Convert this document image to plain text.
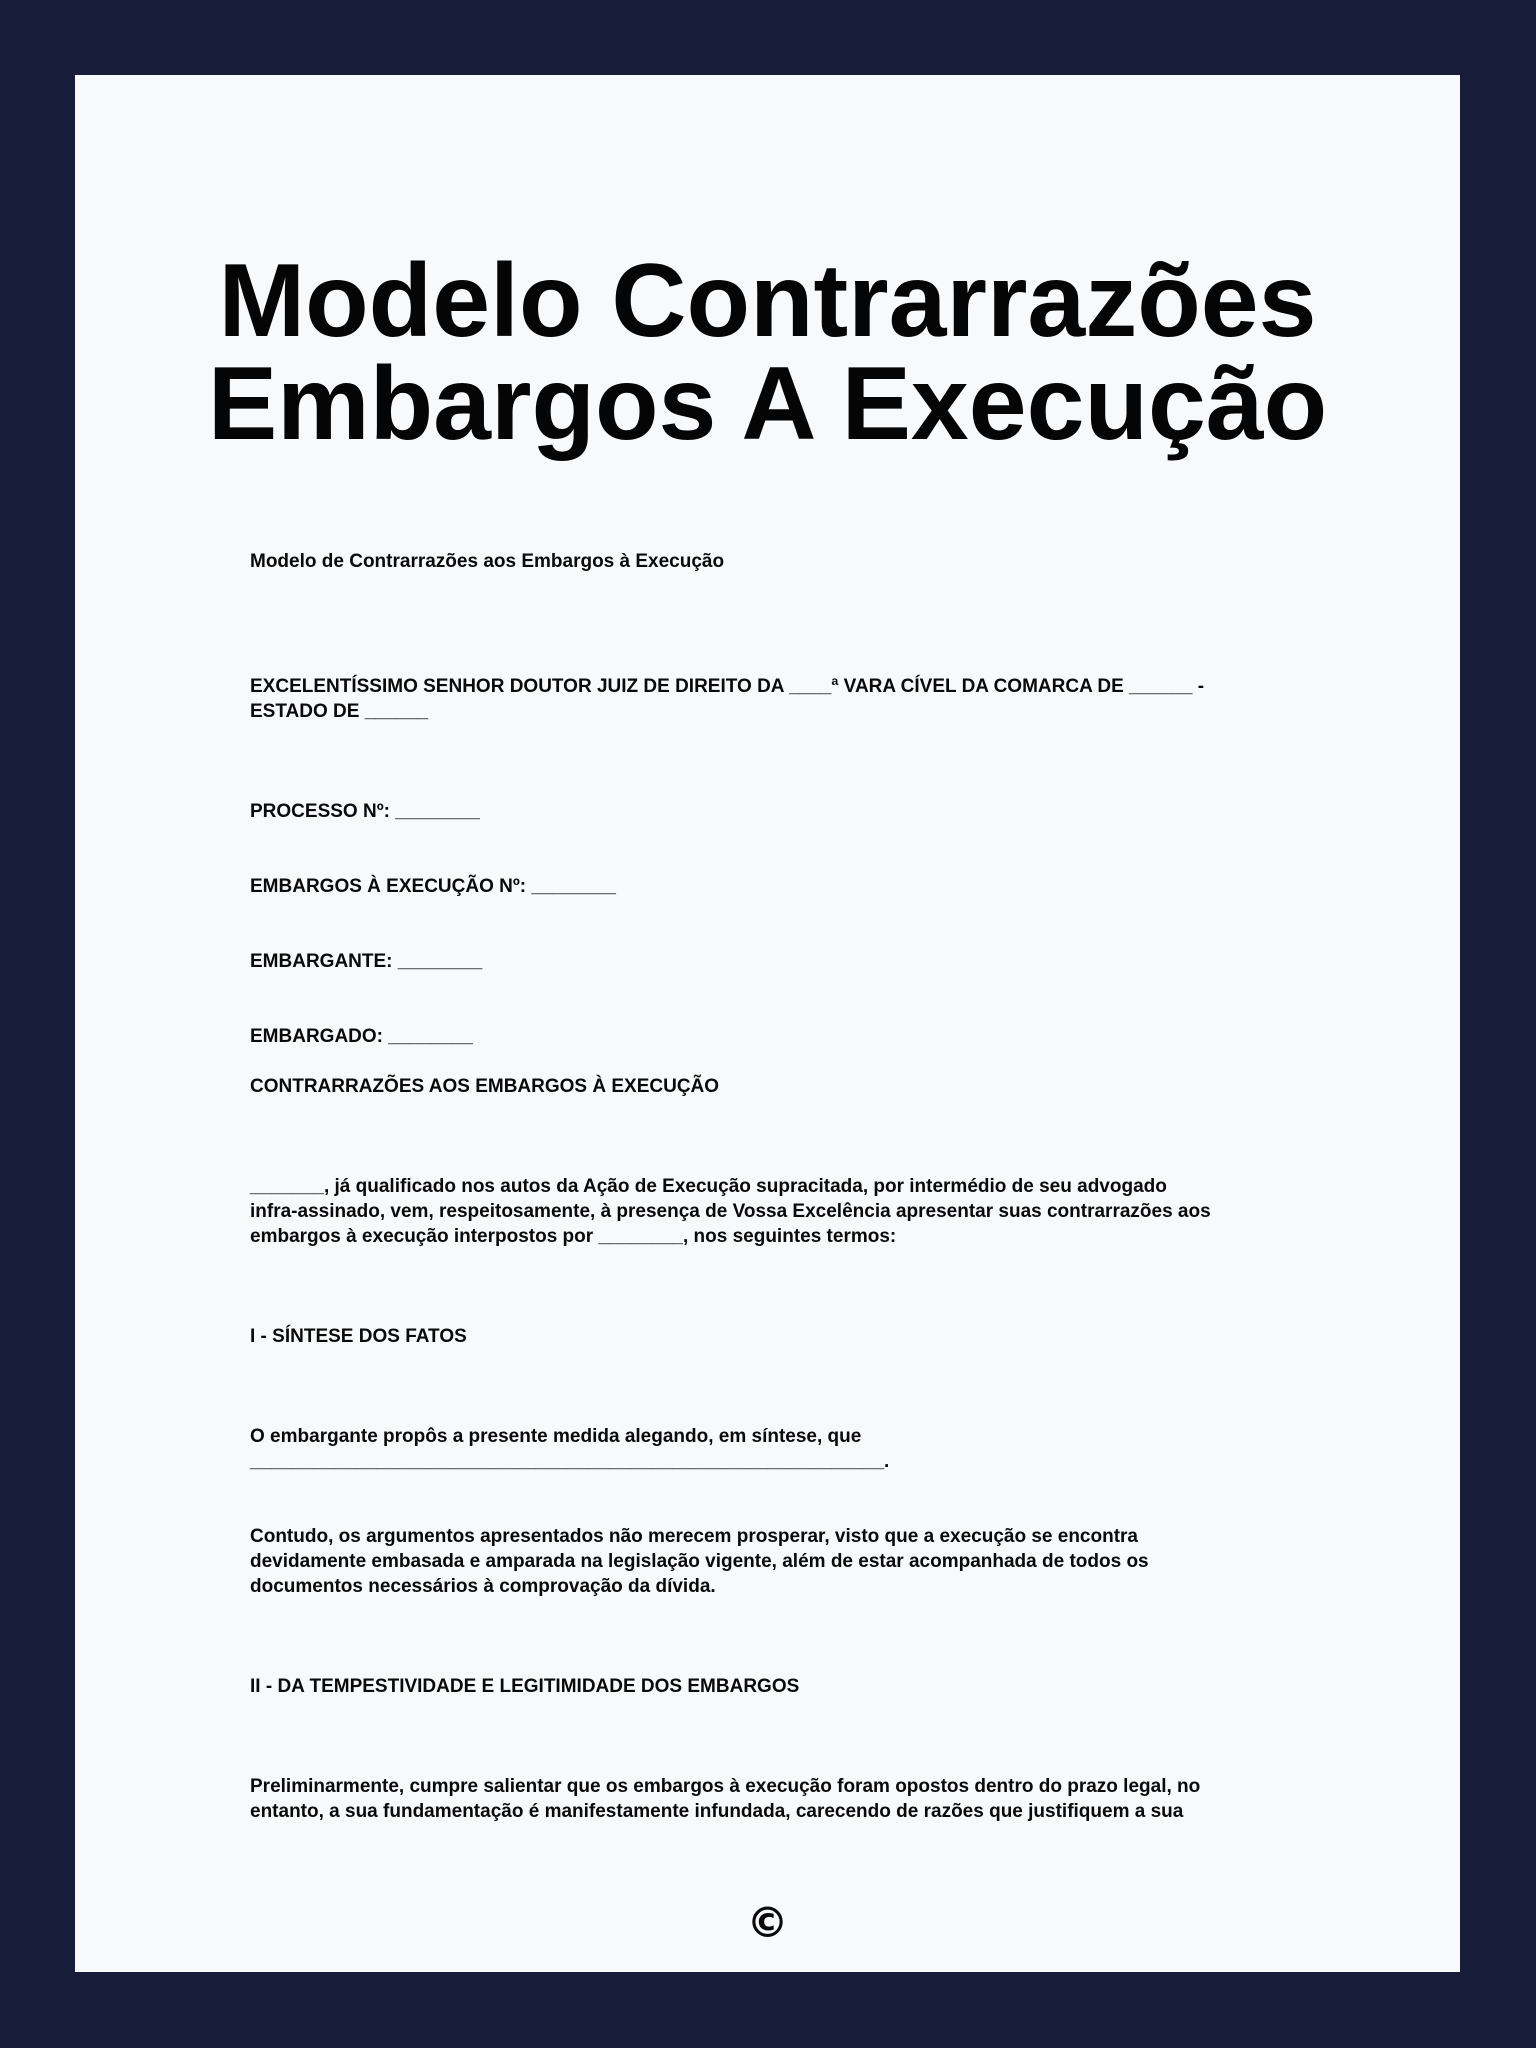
Modelo Contrarrazões
Embargos A Execução

Modelo de Contrarrazões aos Embargos à Execução

EXCELENTÍSSIMO SENHOR DOUTOR JUIZ DE DIREITO DA ____ª VARA CÍVEL DA COMARCA DE ______ -
ESTADO DE ______

PROCESSO Nº: ________

EMBARGOS À EXECUÇÃO Nº: ________

EMBARGANTE: ________

EMBARGADO: ________

CONTRARRAZÕES AOS EMBARGOS À EXECUÇÃO

_______, já qualificado nos autos da Ação de Execução supracitada, por intermédio de seu advogado
infra-assinado, vem, respeitosamente, à presença de Vossa Excelência apresentar suas contrarrazões aos
embargos à execução interpostos por ________, nos seguintes termos:

I - SÍNTESE DOS FATOS

O embargante propôs a presente medida alegando, em síntese, que
____________________________________________________________.

Contudo, os argumentos apresentados não merecem prosperar, visto que a execução se encontra
devidamente embasada e amparada na legislação vigente, além de estar acompanhada de todos os
documentos necessários à comprovação da dívida.

II - DA TEMPESTIVIDADE E LEGITIMIDADE DOS EMBARGOS

Preliminarmente, cumpre salientar que os embargos à execução foram opostos dentro do prazo legal, no
entanto, a sua fundamentação é manifestamente infundada, carecendo de razões que justifiquem a sua

©
